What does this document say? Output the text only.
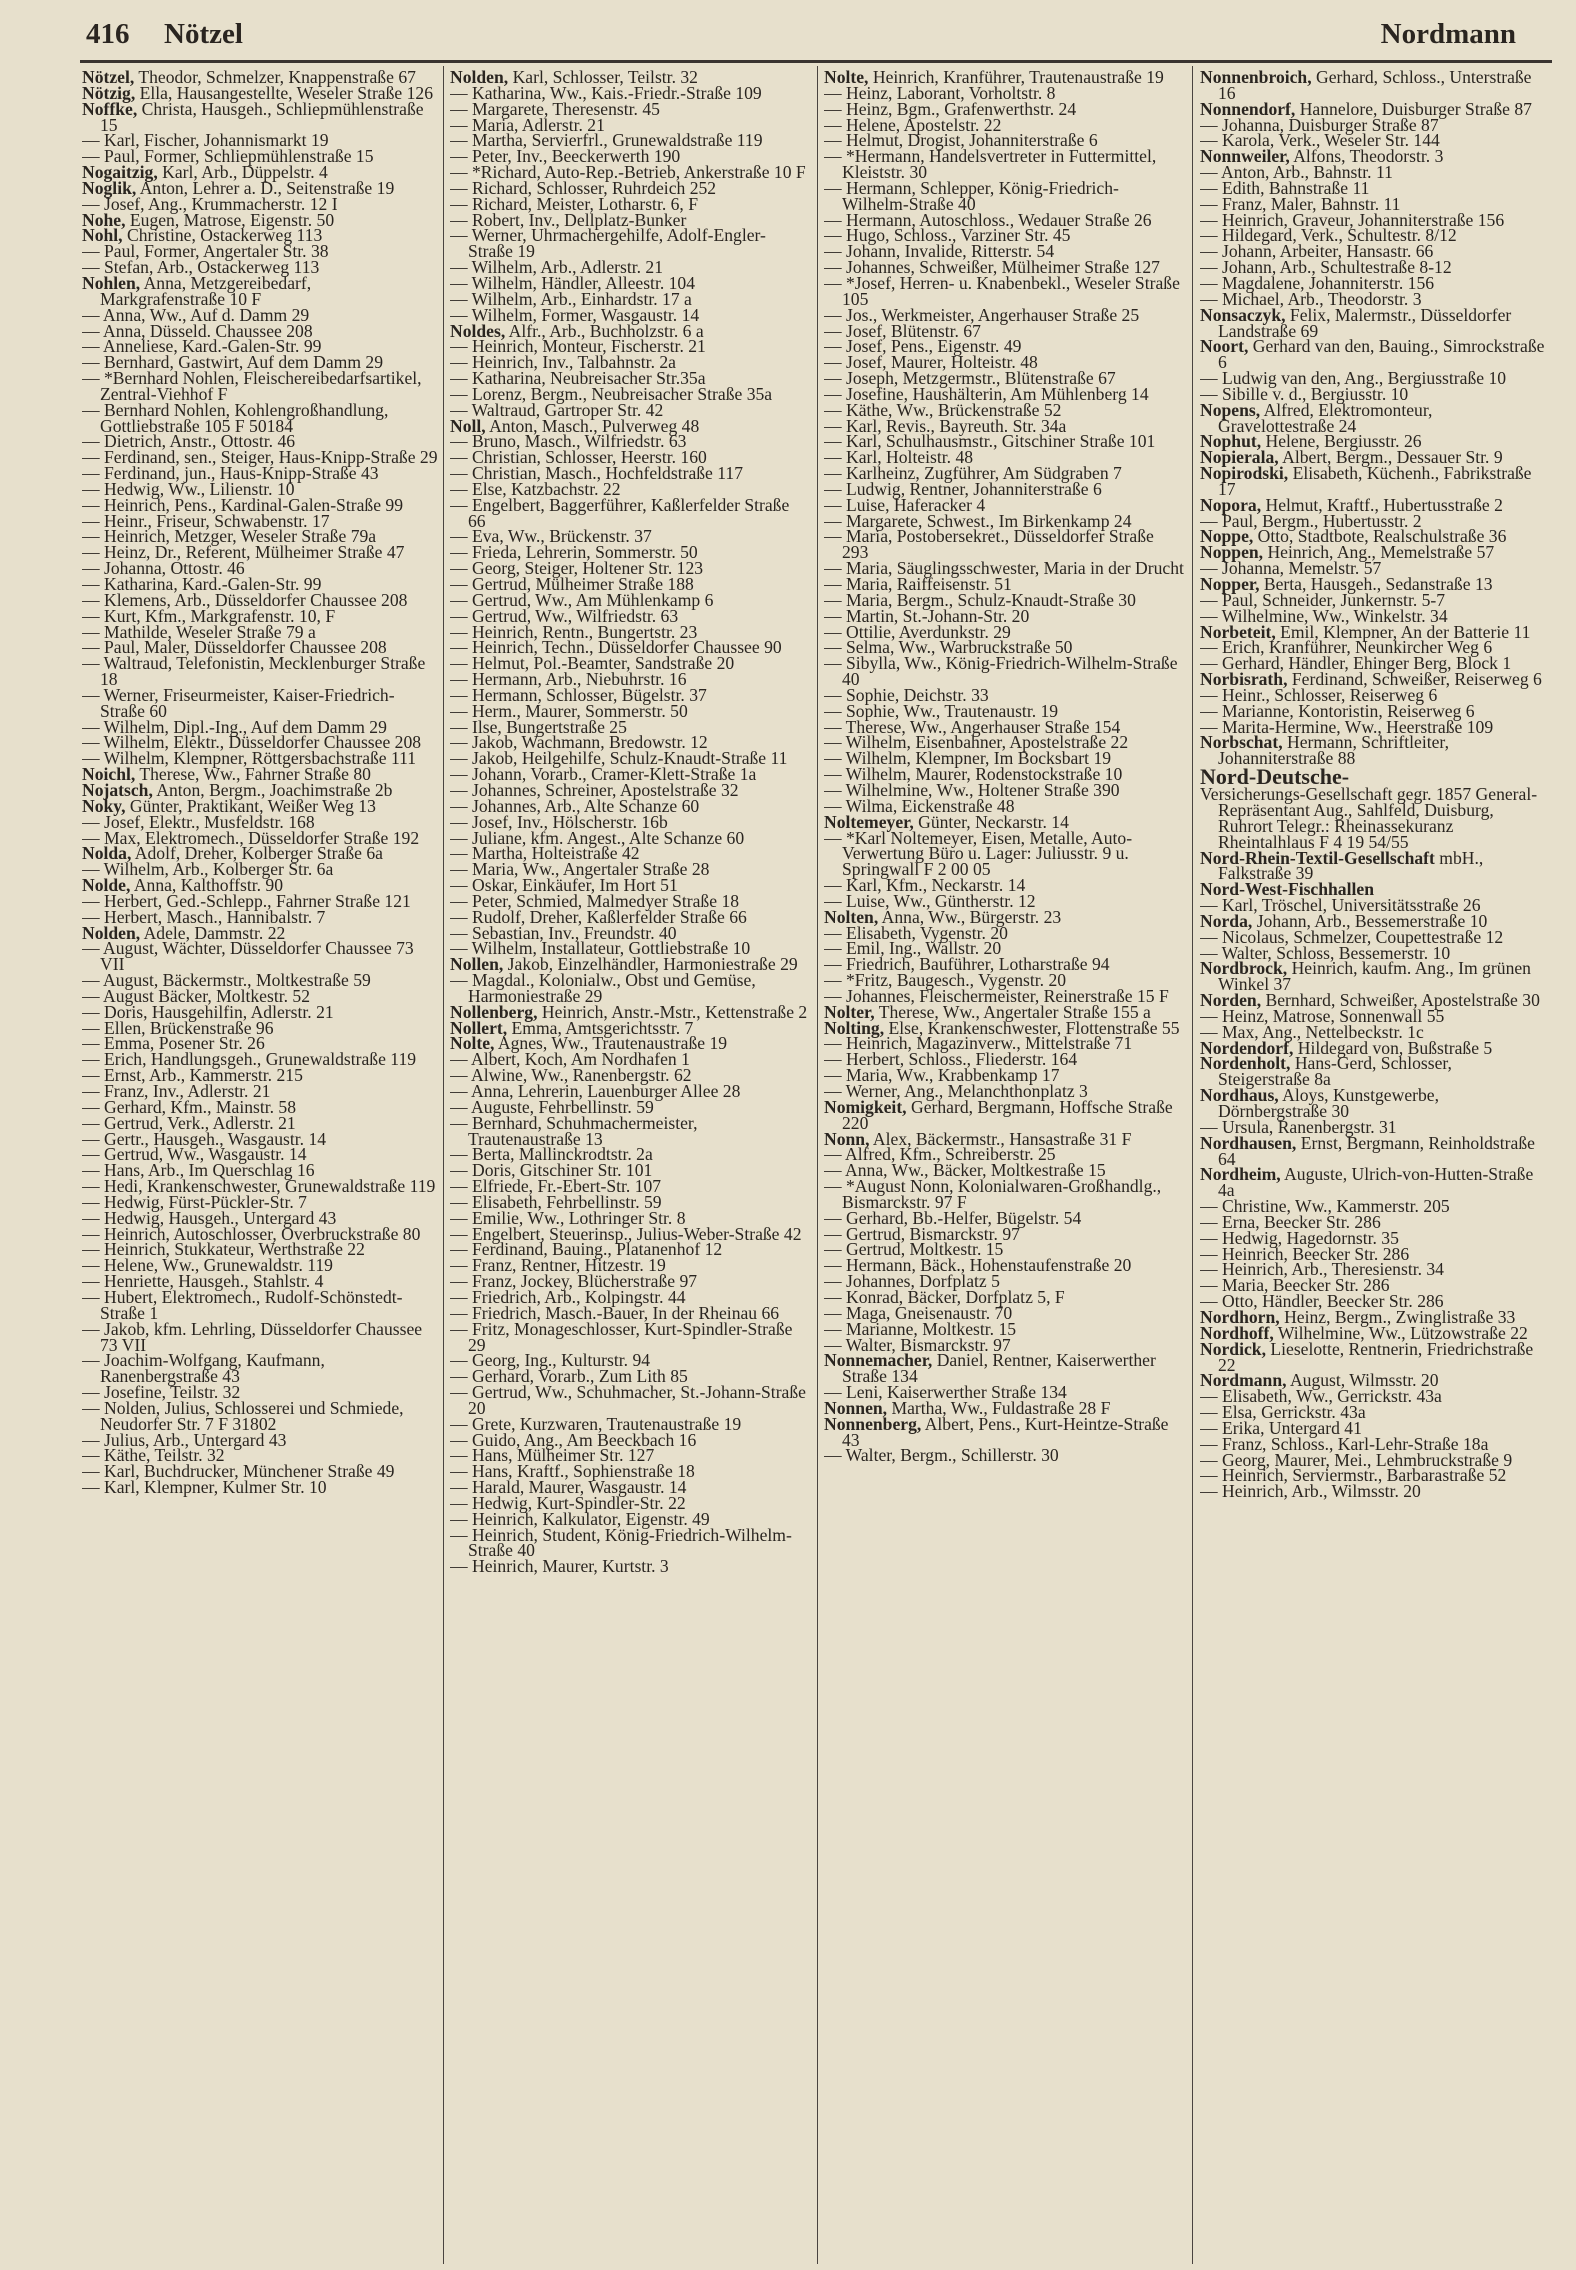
416 Nötzel	Nordmann

Nötzel, Theodor, Schmelzer, Knappenstraße 67

Nötzig, Ella, Hausangestellte, Weseler Straße 126

Noffke, Christa, Hausgeh., Schliepmühlenstraße 15

— Karl, Fischer, Johannismarkt 19

— Paul, Former, Schliepmühlenstraße 15

Nogaitzig, Karl, Arb., Düppelstr. 4

Noglik, Anton, Lehrer a. D., Seitenstraße 19

— Josef, Ang., Krummacherstr. 12 I

Nohe, Eugen, Matrose, Eigenstr. 50

Nohl, Christine, Ostackerweg 113

— Paul, Former, Angertaler Str. 38

— Stefan, Arb., Ostackerweg 113

Nohlen, Anna, Metzgereibedarf, Markgrafenstraße 10 F

— Anna, Ww., Auf d. Damm 29

— Anna, Düsseld. Chaussee 208

— Anneliese, Kard.-Galen-Str. 99

— Bernhard, Gastwirt, Auf dem Damm 29

— *Bernhard Nohlen, Fleischereibedarfsartikel, Zentral-Viehhof F

— Bernhard Nohlen, Kohlengroßhandlung, Gottliebstraße 105 F 50184

— Dietrich, Anstr., Ottostr. 46

— Ferdinand, sen., Steiger, Haus-Knipp-Straße 29

— Ferdinand, jun., Haus-Knipp-Straße 43

— Hedwig, Ww., Lilienstr. 10

— Heinrich, Pens., Kardinal-Galen-Straße 99

— Heinr., Friseur, Schwabenstr. 17

— Heinrich, Metzger, Weseler Straße 79a

— Heinz, Dr., Referent, Mülheimer Straße 47

— Johanna, Ottostr. 46

— Katharina, Kard.-Galen-Str. 99

— Klemens, Arb., Düsseldorfer Chaussee 208

— Kurt, Kfm., Markgrafenstr. 10, F

— Mathilde, Weseler Straße 79 a

— Paul, Maler, Düsseldorfer Chaussee 208

— Waltraud, Telefonistin, Mecklenburger Straße 18

— Werner, Friseurmeister, Kaiser-Friedrich-Straße 60

— Wilhelm, Dipl.-Ing., Auf dem Damm 29

— Wilhelm, Elektr., Düsseldorfer Chaussee 208

— Wilhelm, Klempner, Röttgersbachstraße 111

Noichl, Therese, Ww., Fahrner Straße 80

Nojatsch, Anton, Bergm., Joachimstraße 2b

Noky, Günter, Praktikant, Weißer Weg 13

— Josef, Elektr., Musfeldstr. 168

— Max, Elektromech., Düsseldorfer Straße 192

Nolda, Adolf, Dreher, Kolberger Straße 6a

— Wilhelm, Arb., Kolberger Str. 6a

Nolde, Anna, Kalthoffstr. 90

— Herbert, Ged.-Schlepp., Fahrner Straße 121

— Herbert, Masch., Hannibalstr. 7

Nolden, Adele, Dammstr. 22

— August, Wächter, Düsseldorfer Chaussee 73 VII

— August, Bäckermstr., Moltkestraße 59

— August Bäcker, Moltkestr. 52

— Doris, Hausgehilfin, Adlerstr. 21

— Ellen, Brückenstraße 96

— Emma, Posener Str. 26

— Erich, Handlungsgeh., Grunewaldstraße 119

— Ernst, Arb., Kammerstr. 215

— Franz, Inv., Adlerstr. 21

— Gerhard, Kfm., Mainstr. 58

— Gertrud, Verk., Adlerstr. 21

— Gertr., Hausgeh., Wasgaustr. 14

— Gertrud, Ww., Wasgaustr. 14

— Hans, Arb., Im Querschlag 16

— Hedi, Krankenschwester, Grunewaldstraße 119

— Hedwig, Fürst-Pückler-Str. 7

— Hedwig, Hausgeh., Untergard 43

— Heinrich, Autoschlosser, Overbruckstraße 80

— Heinrich, Stukkateur, Werthstraße 22

— Helene, Ww., Grunewaldstr. 119

— Henriette, Hausgeh., Stahlstr. 4

— Hubert, Elektromech., Rudolf-Schönstedt-Straße 1

— Jakob, kfm. Lehrling, Düsseldorfer Chaussee 73 VII

— Joachim-Wolfgang, Kaufmann, Ranenbergstraße 43

— Josefine, Teilstr. 32

— Nolden, Julius, Schlosserei und Schmiede, Neudorfer Str. 7 F 31802

— Julius, Arb., Untergard 43

— Käthe, Teilstr. 32

— Karl, Buchdrucker, Münchener Straße 49

— Karl, Klempner, Kulmer Str. 10

Nolden, Karl, Schlosser, Teilstr. 32

— Katharina, Ww., Kais.-Friedr.-Straße 109

— Margarete, Theresenstr. 45

— Maria, Adlerstr. 21

— Martha, Servierfrl., Grunewaldstraße 119

— Peter, Inv., Beeckerwerth 190

— *Richard, Auto-Rep.-Betrieb, Ankerstraße 10 F

— Richard, Schlosser, Ruhrdeich 252

— Richard, Meister, Lotharstr. 6, F

— Robert, Inv., Dellplatz-Bunker

— Werner, Uhrmachergehilfe, Adolf-Engler-Straße 19

— Wilhelm, Arb., Adlerstr. 21

— Wilhelm, Händler, Alleestr. 104

— Wilhelm, Arb., Einhardstr. 17 a

— Wilhelm, Former, Wasgaustr. 14

Noldes, Alfr., Arb., Buchholzstr. 6 a

— Heinrich, Monteur, Fischerstr. 21

— Heinrich, Inv., Talbahnstr. 2a

— Katharina, Neubreisacher Str.35a

— Lorenz, Bergm., Neubreisacher Straße 35a

— Waltraud, Gartroper Str. 42

Noll, Anton, Masch., Pulverweg 48

— Bruno, Masch., Wilfriedstr. 63

— Christian, Schlosser, Heerstr. 160

— Christian, Masch., Hochfeldstraße 117

— Else, Katzbachstr. 22

— Engelbert, Baggerführer, Kaßlerfelder Straße 66

— Eva, Ww., Brückenstr. 37

— Frieda, Lehrerin, Sommerstr. 50

— Georg, Steiger, Holtener Str. 123

— Gertrud, Mülheimer Straße 188

— Gertrud, Ww., Am Mühlenkamp 6

— Gertrud, Ww., Wilfriedstr. 63

— Heinrich, Rentn., Bungertstr. 23

— Heinrich, Techn., Düsseldorfer Chaussee 90

— Helmut, Pol.-Beamter, Sandstraße 20

— Hermann, Arb., Niebuhrstr. 16

— Hermann, Schlosser, Bügelstr. 37

— Herm., Maurer, Sommerstr. 50

— Ilse, Bungertstraße 25

— Jakob, Wachmann, Bredowstr. 12

— Jakob, Heilgehilfe, Schulz-Knaudt-Straße 11

— Johann, Vorarb., Cramer-Klett-Straße 1a

— Johannes, Schreiner, Apostelstraße 32

— Johannes, Arb., Alte Schanze 60

— Josef, Inv., Hölscherstr. 16b

— Juliane, kfm. Angest., Alte Schanze 60

— Martha, Holteistraße 42

— Maria, Ww., Angertaler Straße 28

— Oskar, Einkäufer, Im Hort 51

— Peter, Schmied, Malmedyer Straße 18

— Rudolf, Dreher, Kaßlerfelder Straße 66

— Sebastian, Inv., Freundstr. 40

— Wilhelm, Installateur, Gottliebstraße 10

Nollen, Jakob, Einzelhändler, Harmoniestraße 29

— Magdal., Kolonialw., Obst und Gemüse, Harmoniestraße 29

Nollenberg, Heinrich, Anstr.-Mstr., Kettenstraße 2

Nollert, Emma, Amtsgerichtsstr. 7

Nolte, Agnes, Ww., Trautenaustraße 19

— Albert, Koch, Am Nordhafen 1

— Alwine, Ww., Ranenbergstr. 62

— Anna, Lehrerin, Lauenburger Allee 28

— Auguste, Fehrbellinstr. 59

— Bernhard, Schuhmachermeister, Trautenaustraße 13

— Berta, Mallinckrodtstr. 2a

— Doris, Gitschiner Str. 101

— Elfriede, Fr.-Ebert-Str. 107

— Elisabeth, Fehrbellinstr. 59

— Emilie, Ww., Lothringer Str. 8

— Engelbert, Steuerinsp., Julius-Weber-Straße 42

— Ferdinand, Bauing., Platanenhof 12

— Franz, Rentner, Hitzestr. 19

— Franz, Jockey, Blücherstraße 97

— Friedrich, Arb., Kolpingstr. 44

— Friedrich, Masch.-Bauer, In der Rheinau 66

— Fritz, Monageschlosser, Kurt-Spindler-Straße 29

— Georg, Ing., Kulturstr. 94

— Gerhard, Vorarb., Zum Lith 85

— Gertrud, Ww., Schuhmacher, St.-Johann-Straße 20

— Grete, Kurzwaren, Trautenaustraße 19

— Guido, Ang., Am Beeckbach 16

— Hans, Mülheimer Str. 127

— Hans, Kraftf., Sophienstraße 18

— Harald, Maurer, Wasgaustr. 14

— Hedwig, Kurt-Spindler-Str. 22

— Heinrich, Kalkulator, Eigenstr. 49

— Heinrich, Student, König-Friedrich-Wilhelm-Straße 40

— Heinrich, Maurer, Kurtstr. 3

Nolte, Heinrich, Kranführer, Trautenaustraße 19

— Heinz, Laborant, Vorholtstr. 8

— Heinz, Bgm., Grafenwerthstr. 24

— Helene, Apostelstr. 22

— Helmut, Drogist, Johanniterstraße 6

— *Hermann, Handelsvertreter in Futtermittel, Kleiststr. 30

— Hermann, Schlepper, König-Friedrich-Wilhelm-Straße 40

— Hermann, Autoschloss., Wedauer Straße 26

— Hugo, Schloss., Varziner Str. 45

— Johann, Invalide, Ritterstr. 54

— Johannes, Schweißer, Mülheimer Straße 127

— *Josef, Herren- u. Knabenbekl., Weseler Straße 105

— Jos., Werkmeister, Angerhauser Straße 25

— Josef, Blütenstr. 67

— Josef, Pens., Eigenstr. 49

— Josef, Maurer, Holteistr. 48

— Joseph, Metzgermstr., Blütenstraße 67

— Josefine, Haushälterin, Am Mühlenberg 14

— Käthe, Ww., Brückenstraße 52

— Karl, Revis., Bayreuth. Str. 34a

— Karl, Schulhausmstr., Gitschiner Straße 101

— Karl, Holteistr. 48

— Karlheinz, Zugführer, Am Südgraben 7

— Ludwig, Rentner, Johanniterstraße 6

— Luise, Haferacker 4

— Margarete, Schwest., Im Birkenkamp 24

— Maria, Postobersekret., Düsseldorfer Straße 293

— Maria, Säuglingsschwester, Maria in der Drucht

— Maria, Raiffeisenstr. 51

— Maria, Bergm., Schulz-Knaudt-Straße 30

— Martin, St.-Johann-Str. 20

— Ottilie, Averdunkstr. 29

— Selma, Ww., Warbruckstraße 50

— Sibylla, Ww., König-Friedrich-Wilhelm-Straße 40

— Sophie, Deichstr. 33

— Sophie, Ww., Trautenaustr. 19

— Therese, Ww., Angerhauser Straße 154

— Wilhelm, Eisenbahner, Apostelstraße 22

— Wilhelm, Klempner, Im Bocksbart 19

— Wilhelm, Maurer, Rodenstockstraße 10

— Wilhelmine, Ww., Holtener Straße 390

— Wilma, Eickenstraße 48

Noltemeyer, Günter, Neckarstr. 14

— *Karl Noltemeyer, Eisen, Metalle, Auto-Verwertung Büro u. Lager: Juliusstr. 9 u. Springwall F 2 00 05

— Karl, Kfm., Neckarstr. 14

— Luise, Ww., Güntherstr. 12

Nolten, Anna, Ww., Bürgerstr. 23

— Elisabeth, Vygenstr. 20

— Emil, Ing., Wallstr. 20

— Friedrich, Bauführer, Lotharstraße 94

— *Fritz, Baugesch., Vygenstr. 20

— Johannes, Fleischermeister, Reinerstraße 15 F

Nolter, Therese, Ww., Angertaler Straße 155 a

Nolting, Else, Krankenschwester, Flottenstraße 55

— Heinrich, Magazinverw., Mittelstraße 71

— Herbert, Schloss., Fliederstr. 164

— Maria, Ww., Krabbenkamp 17

— Werner, Ang., Melanchthonplatz 3

Nomigkeit, Gerhard, Bergmann, Hoffsche Straße 220

Nonn, Alex, Bäckermstr., Hansastraße 31 F

— Alfred, Kfm., Schreiberstr. 25

— Anna, Ww., Bäcker, Moltkestraße 15

— *August Nonn, Kolonialwaren-Großhandlg., Bismarckstr. 97 F

— Gerhard, Bb.-Helfer, Bügelstr. 54

— Gertrud, Bismarckstr. 97

— Gertrud, Moltkestr. 15

— Hermann, Bäck., Hohenstaufenstraße 20

— Johannes, Dorfplatz 5

— Konrad, Bäcker, Dorfplatz 5, F

— Maga, Gneisenaustr. 70

— Marianne, Moltkestr. 15

— Walter, Bismarckstr. 97

Nonnemacher, Daniel, Rentner, Kaiserwerther Straße 134

— Leni, Kaiserwerther Straße 134

Nonnen, Martha, Ww., Fuldastraße 28 F

Nonnenberg, Albert, Pens., Kurt-Heintze-Straße 43

— Walter, Bergm., Schillerstr. 30

Nonnenbroich, Gerhard, Schloss., Unterstraße 16

Nonnendorf, Hannelore, Duisburger Straße 87

— Johanna, Duisburger Straße 87

— Karola, Verk., Weseler Str. 144

Nonnweiler, Alfons, Theodorstr. 3

— Anton, Arb., Bahnstr. 11

— Edith, Bahnstraße 11

— Franz, Maler, Bahnstr. 11

— Heinrich, Graveur, Johanniterstraße 156

— Hildegard, Verk., Schultestr. 8/12

— Johann, Arbeiter, Hansastr. 66

— Johann, Arb., Schultestraße 8-12

— Magdalene, Johanniterstr. 156

— Michael, Arb., Theodorstr. 3

Nonsaczyk, Felix, Malermstr., Düsseldorfer Landstraße 69

Noort, Gerhard van den, Bauing., Simrockstraße 6

— Ludwig van den, Ang., Bergiusstraße 10

— Sibille v. d., Bergiusstr. 10

Nopens, Alfred, Elektromonteur, Gravelottestraße 24

Nophut, Helene, Bergiusstr. 26

Nopierala, Albert, Bergm., Dessauer Str. 9

Nopirodski, Elisabeth, Küchenh., Fabrikstraße 17

Nopora, Helmut, Kraftf., Hubertusstraße 2

— Paul, Bergm., Hubertusstr. 2

Noppe, Otto, Stadtbote, Realschulstraße 36

Noppen, Heinrich, Ang., Memelstraße 57

— Johanna, Memelstr. 57

Nopper, Berta, Hausgeh., Sedanstraße 13

— Paul, Schneider, Junkernstr. 5-7

— Wilhelmine, Ww., Winkelstr. 34

Norbeteit, Emil, Klempner, An der Batterie 11

— Erich, Kranführer, Neunkircher Weg 6

— Gerhard, Händler, Ehinger Berg, Block 1

Norbisrath, Ferdinand, Schweißer, Reiserweg 6

— Heinr., Schlosser, Reiserweg 6

— Marianne, Kontoristin, Reiserweg 6

— Marita-Hermine, Ww., Heerstraße 109

Norbschat, Hermann, Schriftleiter, Johanniterstraße 88

Nord-Deutsche-

Versicherungs-Gesellschaft gegr. 1857 General-Repräsentant Aug., Sahlfeld, Duisburg, Ruhrort Telegr.: Rheinassekuranz Rheintalhlaus F 4 19 54/55

Nord-Rhein-Textil-Gesellschaft mbH., Falkstraße 39

Nord-West-Fischhallen

— Karl, Tröschel, Universitätsstraße 26

Norda, Johann, Arb., Bessemerstraße 10

— Nicolaus, Schmelzer, Coupettestraße 12

— Walter, Schloss, Bessemerstr. 10

Nordbrock, Heinrich, kaufm. Ang., Im grünen Winkel 37

Norden, Bernhard, Schweißer, Apostelstraße 30

— Heinz, Matrose, Sonnenwall 55

— Max, Ang., Nettelbeckstr. 1c

Nordendorf, Hildegard von, Bußstraße 5

Nordenholt, Hans-Gerd, Schlosser, Steigerstraße 8a

Nordhaus, Aloys, Kunstgewerbe, Dörnbergstraße 30

— Ursula, Ranenbergstr. 31

Nordhausen, Ernst, Bergmann, Reinholdstraße 64

Nordheim, Auguste, Ulrich-von-Hutten-Straße 4a

— Christine, Ww., Kammerstr. 205

— Erna, Beecker Str. 286

— Hedwig, Hagedornstr. 35

— Heinrich, Beecker Str. 286

— Heinrich, Arb., Theresienstr. 34

— Maria, Beecker Str. 286

— Otto, Händler, Beecker Str. 286

Nordhorn, Heinz, Bergm., Zwinglistraße 33

Nordhoff, Wilhelmine, Ww., Lützowstraße 22

Nordick, Lieselotte, Rentnerin, Friedrichstraße 22

Nordmann, August, Wilmsstr. 20

— Elisabeth, Ww., Gerrickstr. 43a

— Elsa, Gerrickstr. 43a

— Erika, Untergard 41

— Franz, Schloss., Karl-Lehr-Straße 18a

— Georg, Maurer, Mei., Lehmbruckstraße 9

— Heinrich, Serviermstr., Barbarastraße 52

— Heinrich, Arb., Wilmsstr. 20
